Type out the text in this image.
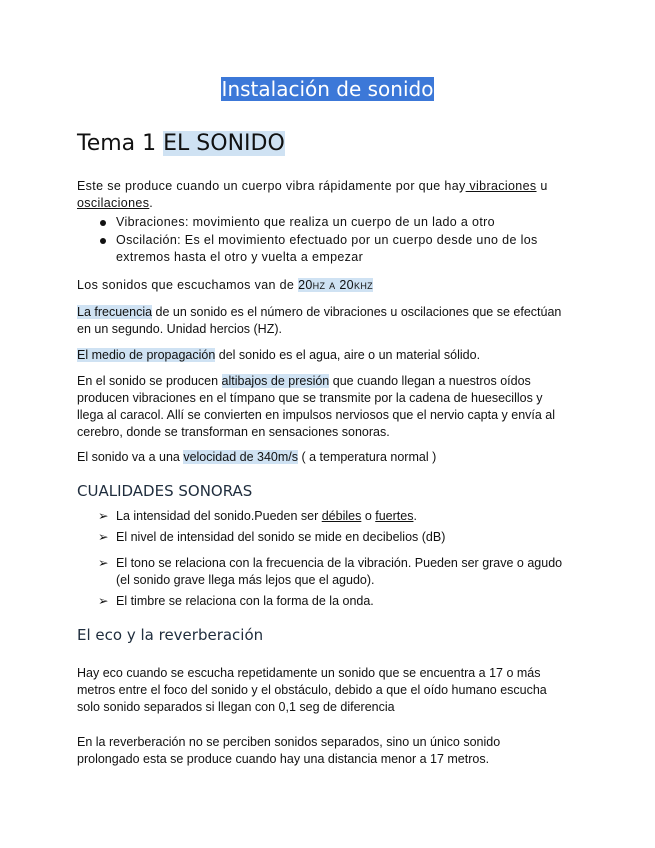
Instalación de sonido
Tema 1 EL SONIDO
Este se produce cuando un cuerpo vibra rápidamente por que hay vibraciones u
oscilaciones.
Vibraciones: movimiento que realiza un cuerpo de un lado a otro
Oscilación: Es el movimiento efectuado por un cuerpo desde uno de los
extremos hasta el otro y vuelta a empezar
Los sonidos que escuchamos van de 20hz a 20khz
La frecuencia de un sonido es el número de vibraciones u oscilaciones que se efectúan
en un segundo. Unidad hercios (HZ).
El medio de propagación del sonido es el agua, aire o un material sólido.
En el sonido se producen altibajos de presión que cuando llegan a nuestros oídos
producen vibraciones en el tímpano que se transmite por la cadena de huesecillos y
llega al caracol. Allí se convierten en impulsos nerviosos que el nervio capta y envía al
cerebro, donde se transforman en sensaciones sonoras.
El sonido va a una velocidad de 340m/s ( a temperatura normal )
CUALIDADES SONORAS
➢ La intensidad del sonido.Pueden ser débiles o fuertes.
➢ El nivel de intensidad del sonido se mide en decibelios (dB)
➢ El tono se relaciona con la frecuencia de la vibración. Pueden ser grave o agudo
(el sonido grave llega más lejos que el agudo).
➢ El timbre se relaciona con la forma de la onda.
El eco y la reverberación
Hay eco cuando se escucha repetidamente un sonido que se encuentra a 17 o más
metros entre el foco del sonido y el obstáculo, debido a que el oído humano escucha
solo sonido separados si llegan con 0,1 seg de diferencia
En la reverberación no se perciben sonidos separados, sino un único sonido
prolongado esta se produce cuando hay una distancia menor a 17 metros.
